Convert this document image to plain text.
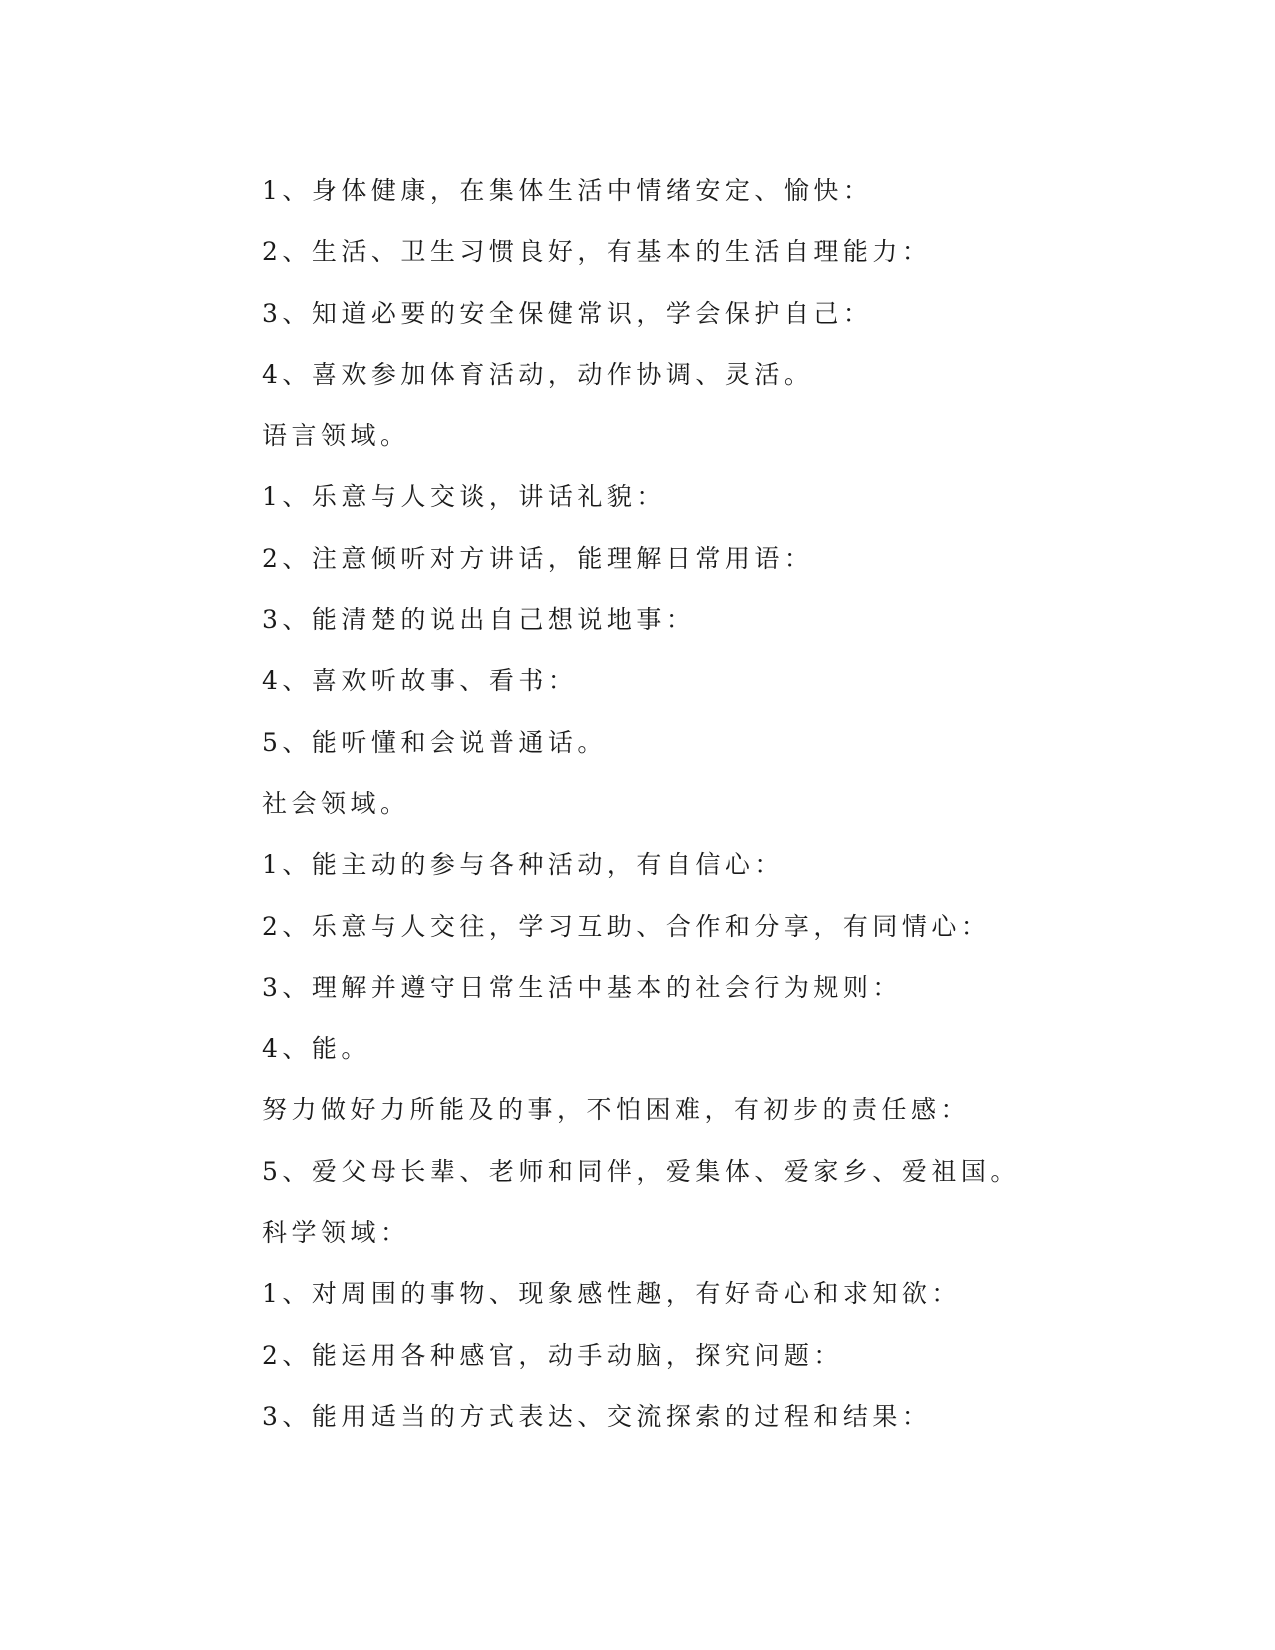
1、身体健康，在集体生活中情绪安定、愉快：
2、生活、卫生习惯良好，有基本的生活自理能力：
3、知道必要的安全保健常识，学会保护自己：
4、喜欢参加体育活动，动作协调、灵活。
语言领域。
1、乐意与人交谈，讲话礼貌：
2、注意倾听对方讲话，能理解日常用语：
3、能清楚的说出自己想说地事：
4、喜欢听故事、看书：
5、能听懂和会说普通话。
社会领域。
1、能主动的参与各种活动，有自信心：
2、乐意与人交往，学习互助、合作和分享，有同情心：
3、理解并遵守日常生活中基本的社会行为规则：
4、能。
努力做好力所能及的事，不怕困难，有初步的责任感：
5、爱父母长辈、老师和同伴，爱集体、爱家乡、爱祖国。
科学领域：
1、对周围的事物、现象感性趣，有好奇心和求知欲：
2、能运用各种感官，动手动脑，探究问题：
3、能用适当的方式表达、交流探索的过程和结果：
